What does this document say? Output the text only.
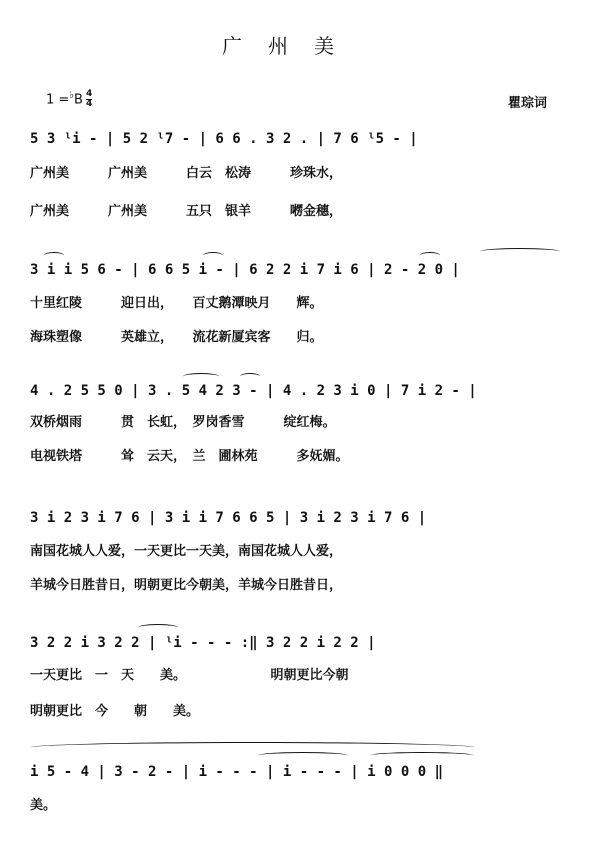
广州美
$1 =^♭B \frac{4}{4}$	瞿琮词
5 3 ˡi - | 5 2 ˡ7 - | 6 6 . 3 2 . | 7 6 ˡ5 - |
广州美　　　广州美　　　白云　松涛　　　珍珠水，
广州美　　　广州美　　　五只　银羊　　　㘄金穗，
3 i i 5 6 - | 6 6 5 i - | 6 2 2 i 7 i 6 | 2 - 2 0 |
十里红陵　　　迎日出，　　百丈鹅潭映月　　辉。
海珠塑像　　　英雄立，　　流花新厦宾客　　归。
4 . 2 5 5 0 | 3 . 5 4 2 3 - | 4 . 2 3 i 0 | 7 i 2 - |
双桥烟雨　　　贯　长虹，　罗岗香雪　　　绽红梅。
电视铁塔　　　耸　云天，　兰　圃林苑　　　多妩媚。
3 i 2 3 i 7 6 | 3 i i 7 6 6 5 | 3 i 2 3 i 7 6 |
南国花城人人爱，一天更比一天美，南国花城人人爱，
羊城今日胜昔日，明朝更比今朝美，羊城今日胜昔日，
3 2 2 i 3 2 2 | ˡi - - - :‖ 3 2 2 i 2 2 |
一天更比　一　天　　美。　　　　　　　明朝更比今朝
明朝更比　今　　朝　　美。
i 5 - 4 | 3 - 2 - | i - - - | i - - - | i 0 0 0 ‖
美。
